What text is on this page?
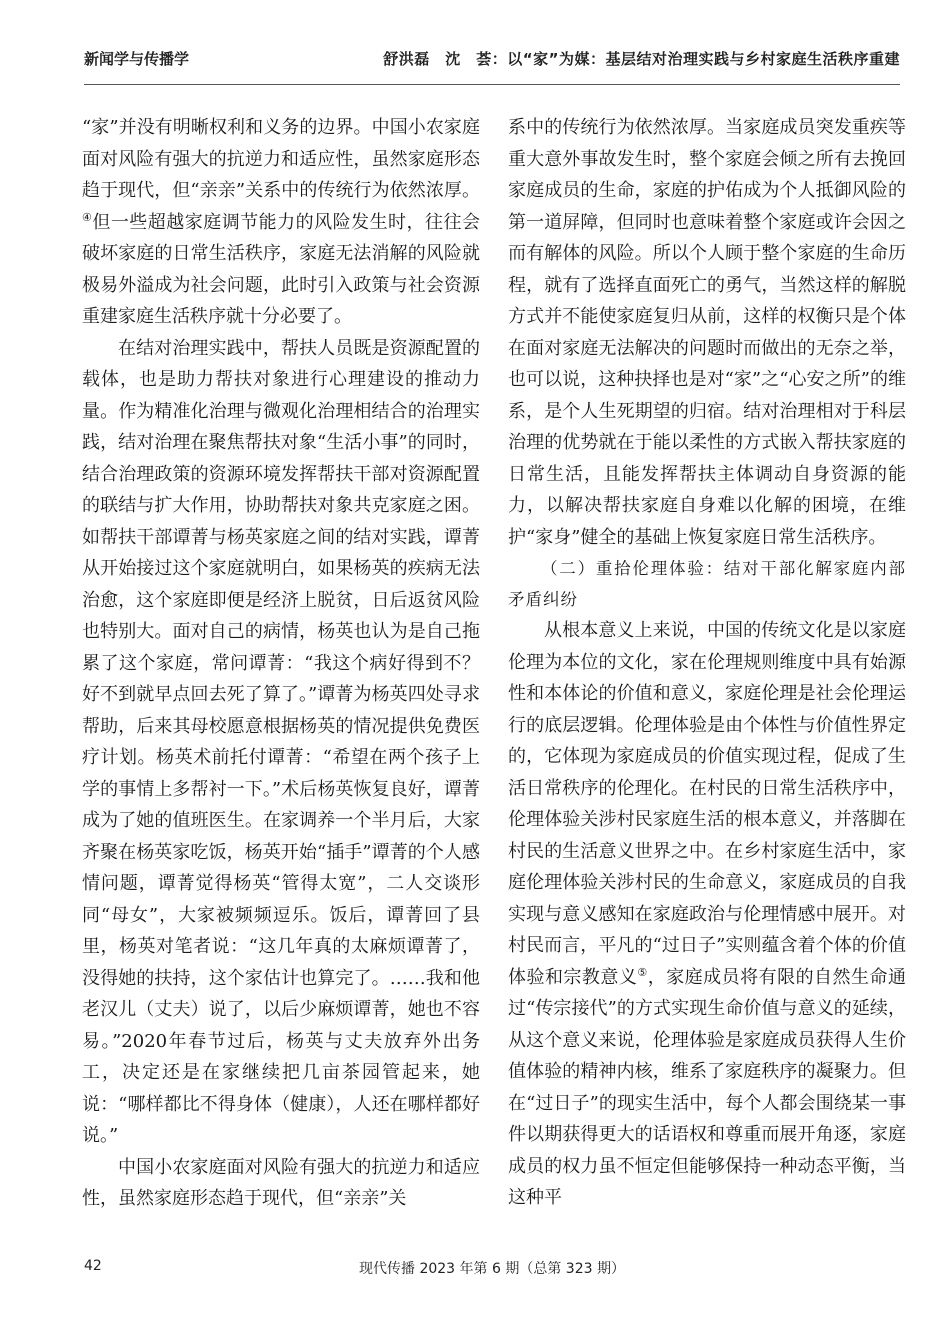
新闻学与传播学	舒洪磊　沈　荟：以“家”为媒：基层结对治理实践与乡村家庭生活秩序重建

“家”并没有明晰权利和义务的边界。中国小农家庭面对风险有强大的抗逆力和适应性，虽然家庭形态趋于现代，但“亲亲”关系中的传统行为依然浓厚。④但一些超越家庭调节能力的风险发生时，往往会破坏家庭的日常生活秩序，家庭无法消解的风险就极易外溢成为社会问题，此时引入政策与社会资源重建家庭生活秩序就十分必要了。

在结对治理实践中，帮扶人员既是资源配置的载体，也是助力帮扶对象进行心理建设的推动力量。作为精准化治理与微观化治理相结合的治理实践，结对治理在聚焦帮扶对象“生活小事”的同时，结合治理政策的资源环境发挥帮扶干部对资源配置的联结与扩大作用，协助帮扶对象共克家庭之困。如帮扶干部谭菁与杨英家庭之间的结对实践，谭菁从开始接过这个家庭就明白，如果杨英的疾病无法治愈，这个家庭即便是经济上脱贫，日后返贫风险也特别大。面对自己的病情，杨英也认为是自己拖累了这个家庭，常问谭菁：“我这个病好得到不？好不到就早点回去死了算了。”谭菁为杨英四处寻求帮助，后来其母校愿意根据杨英的情况提供免费医疗计划。杨英术前托付谭菁：“希望在两个孩子上学的事情上多帮衬一下。”术后杨英恢复良好，谭菁成为了她的值班医生。在家调养一个半月后，大家齐聚在杨英家吃饭，杨英开始“插手”谭菁的个人感情问题，谭菁觉得杨英“管得太宽”，二人交谈形同“母女”，大家被频频逗乐。饭后，谭菁回了县里，杨英对笔者说：“这几年真的太麻烦谭菁了，没得她的扶持，这个家估计也算完了。……我和他老汉儿（丈夫）说了，以后少麻烦谭菁，她也不容易。”2020年春节过后，杨英与丈夫放弃外出务工，决定还是在家继续把几亩茶园管起来，她说：“哪样都比不得身体（健康），人还在哪样都好说。”

中国小农家庭面对风险有强大的抗逆力和适应性，虽然家庭形态趋于现代，但“亲亲”关

系中的传统行为依然浓厚。当家庭成员突发重疾等重大意外事故发生时，整个家庭会倾之所有去挽回家庭成员的生命，家庭的护佑成为个人抵御风险的第一道屏障，但同时也意味着整个家庭或许会因之而有解体的风险。所以个人顾于整个家庭的生命历程，就有了选择直面死亡的勇气，当然这样的解脱方式并不能使家庭复归从前，这样的权衡只是个体在面对家庭无法解决的问题时而做出的无奈之举，也可以说，这种抉择也是对“家”之“心安之所”的维系，是个人生死期望的归宿。结对治理相对于科层治理的优势就在于能以柔性的方式嵌入帮扶家庭的日常生活，且能发挥帮扶主体调动自身资源的能力，以解决帮扶家庭自身难以化解的困境，在维护“家身”健全的基础上恢复家庭日常生活秩序。

（二）重拾伦理体验：结对干部化解家庭内部矛盾纠纷

从根本意义上来说，中国的传统文化是以家庭伦理为本位的文化，家在伦理规则维度中具有始源性和本体论的价值和意义，家庭伦理是社会伦理运行的底层逻辑。伦理体验是由个体性与价值性界定的，它体现为家庭成员的价值实现过程，促成了生活日常秩序的伦理化。在村民的日常生活秩序中，伦理体验关涉村民家庭生活的根本意义，并落脚在村民的生活意义世界之中。在乡村家庭生活中，家庭伦理体验关涉村民的生命意义，家庭成员的自我实现与意义感知在家庭政治与伦理情感中展开。对村民而言，平凡的“过日子”实则蕴含着个体的价值体验和宗教意义⑤，家庭成员将有限的自然生命通过“传宗接代”的方式实现生命价值与意义的延续，从这个意义来说，伦理体验是家庭成员获得人生价值体验的精神内核，维系了家庭秩序的凝聚力。但在“过日子”的现实生活中，每个人都会围绕某一事件以期获得更大的话语权和尊重而展开角逐，家庭成员的权力虽不恒定但能够保持一种动态平衡，当这种平

42	现代传播 2023 年第 6 期（总第 323 期）
